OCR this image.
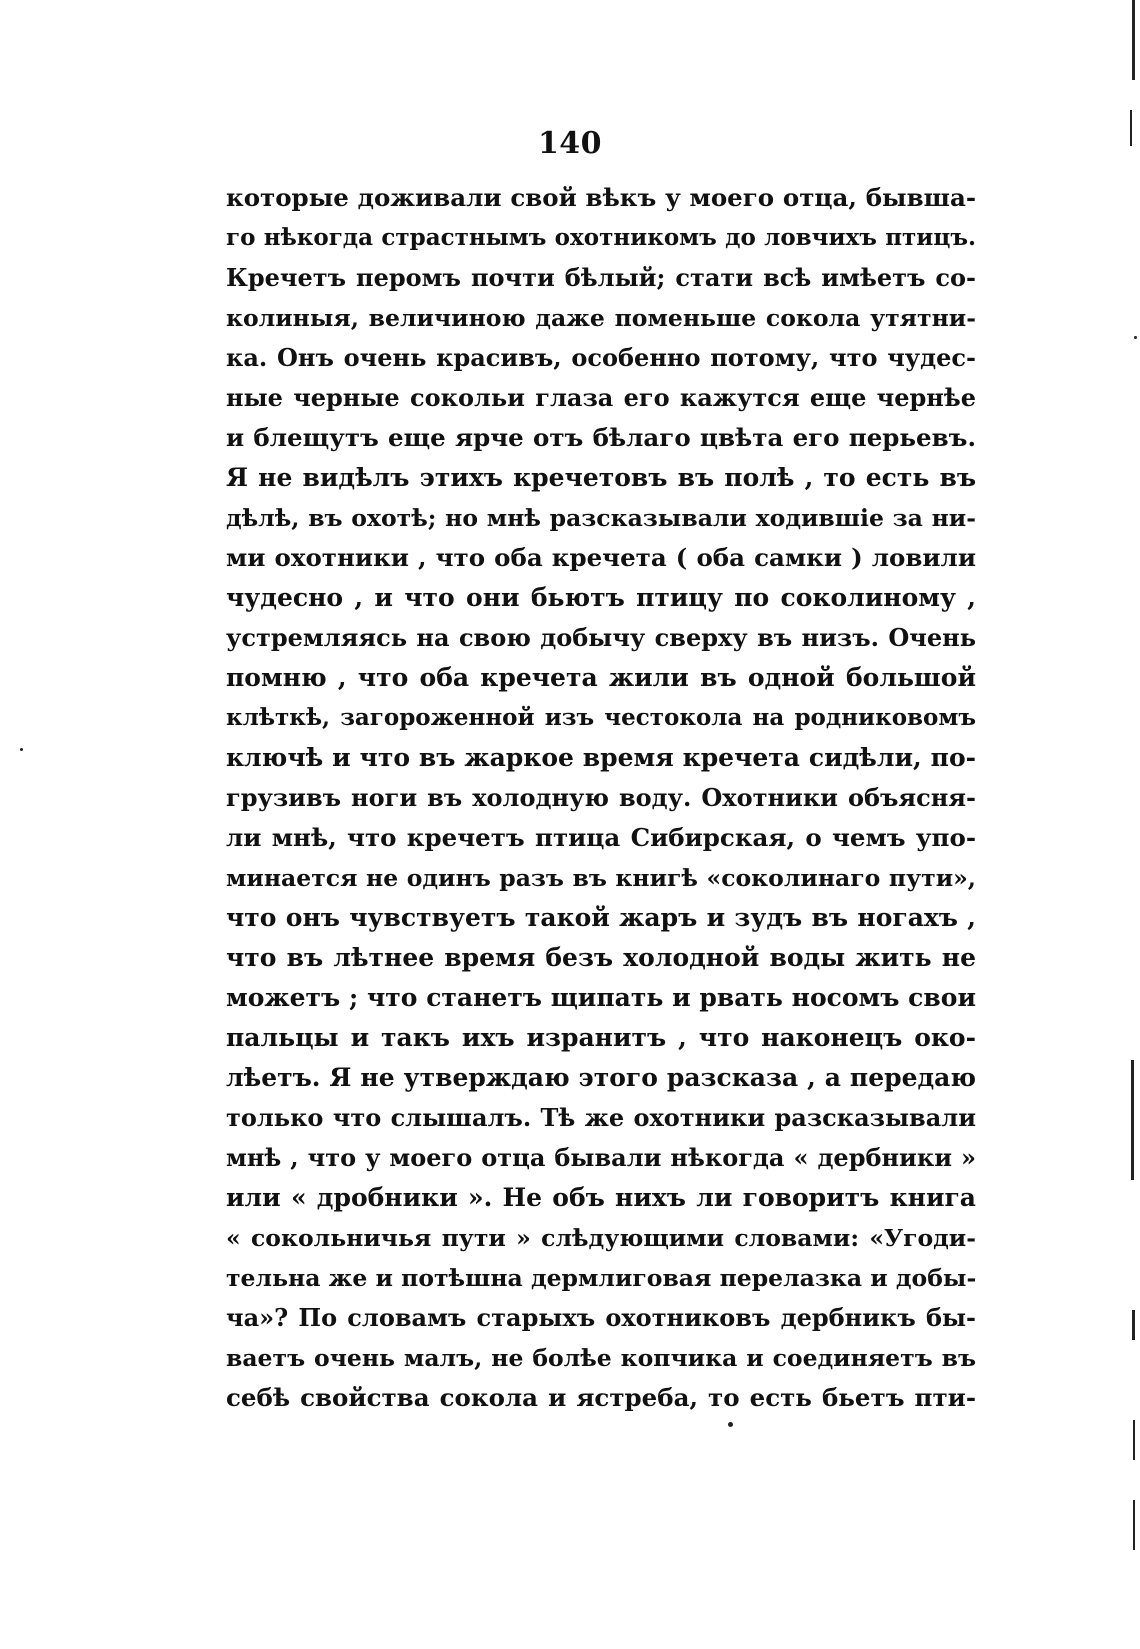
140
которые доживали свой вѣкъ у моего отца, бывша-
го нѣкогда страстнымъ охотникомъ до ловчихъ птицъ.
Кречетъ перомъ почти бѣлый; стати всѣ имѣетъ со-
колиныя, величиною даже поменьше сокола утятни-
ка. Онъ очень красивъ, особенно потому, что чудес-
ные черные сокольи глаза его кажутся еще чернѣе
и блещутъ еще ярче отъ бѣлаго цвѣта его перьевъ.
Я не видѣлъ этихъ кречетовъ въ полѣ , то есть въ
дѣлѣ, въ охотѣ; но мнѣ разсказывали ходившіе за ни-
ми охотники , что оба кречета ( оба самки ) ловили
чудесно , и что они бьютъ птицу по соколиному ,
устремляясь на свою добычу сверху въ низъ. Очень
помню , что оба кречета жили въ одной большой
клѣткѣ, загороженной изъ честокола на родниковомъ
ключѣ и что въ жаркое время кречета сидѣли, по-
грузивъ ноги въ холодную воду. Охотники объясня-
ли мнѣ, что кречетъ птица Сибирская, о чемъ упо-
минается не одинъ разъ въ книгѣ «соколинаго пути»,
что онъ чувствуетъ такой жаръ и зудъ въ ногахъ ,
что въ лѣтнее время безъ холодной воды жить не
можетъ ; что станетъ щипать и рвать носомъ свои
пальцы и такъ ихъ изранитъ , что наконецъ око-
лѣетъ. Я не утверждаю этого разсказа , а передаю
только что слышалъ. Тѣ же охотники разсказывали
мнѣ , что у моего отца бывали нѣкогда « дербники »
или « дробники ». Не объ нихъ ли говоритъ книга
« сокольничья пути » слѣдующими словами: «Угоди-
тельна же и потѣшна дермлиговая перелазка и добы-
ча»? По словамъ старыхъ охотниковъ дербникъ бы-
ваетъ очень малъ, не болѣе копчика и соединяетъ въ
себѣ свойства сокола и ястреба, то есть бьетъ пти-
